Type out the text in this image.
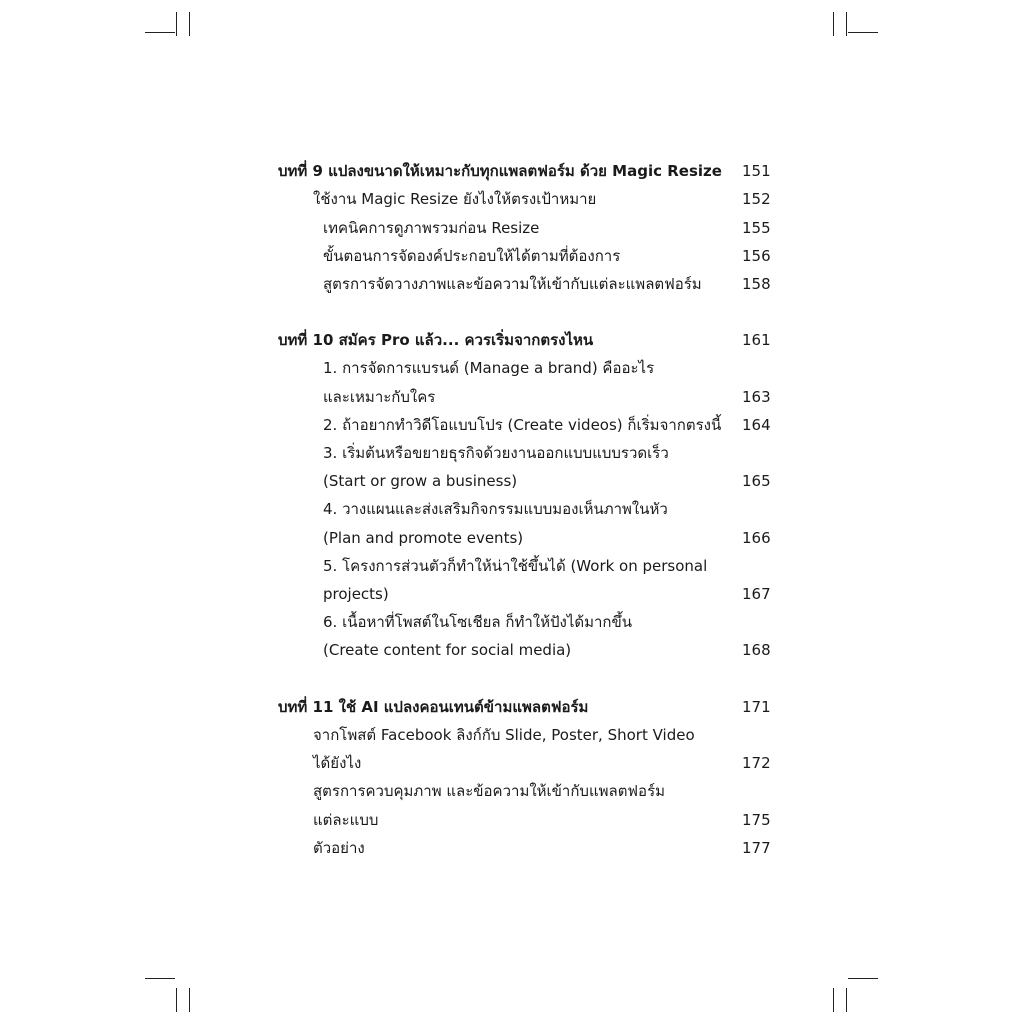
บทที่ 9 แปลงขนาดให้เหมาะกับทุกแพลตฟอร์ม ด้วย Magic Resize 151
ใช้งาน Magic Resize ยังไงให้ตรงเป้าหมาย	152
เทคนิคการดูภาพรวมก่อน Resize	155
ขั้นตอนการจัดองค์ประกอบให้ได้ตามที่ต้องการ	156
สูตรการจัดวางภาพและข้อความให้เข้ากับแต่ละแพลตฟอร์ม	158
บทที่ 10 สมัคร Pro แล้ว... ควรเริ่มจากตรงไหน	161
1. การจัดการแบรนด์ (Manage a brand) คืออะไร
และเหมาะกับใคร	163
2. ถ้าอยากทำวิดีโอแบบโปร (Create videos) ก็เริ่มจากตรงนี้ 164
3. เริ่มต้นหรือขยายธุรกิจด้วยงานออกแบบแบบรวดเร็ว
(Start or grow a business)	165
4. วางแผนและส่งเสริมกิจกรรมแบบมองเห็นภาพในหัว
(Plan and promote events)	166
5. โครงการส่วนตัวก็ทำให้น่าใช้ขึ้นได้ (Work on personal
projects)	167
6. เนื้อหาที่โพสต์ในโซเชียล ก็ทำให้ปังได้มากขึ้น
(Create content for social media)	168
บทที่ 11 ใช้ AI แปลงคอนเทนต์ข้ามแพลตฟอร์ม	171
จากโพสต์ Facebook ลิงก์กับ Slide, Poster, Short Video
ได้ยังไง	172
สูตรการควบคุมภาพ และข้อความให้เข้ากับแพลตฟอร์ม
แต่ละแบบ	175
ตัวอย่าง	177
